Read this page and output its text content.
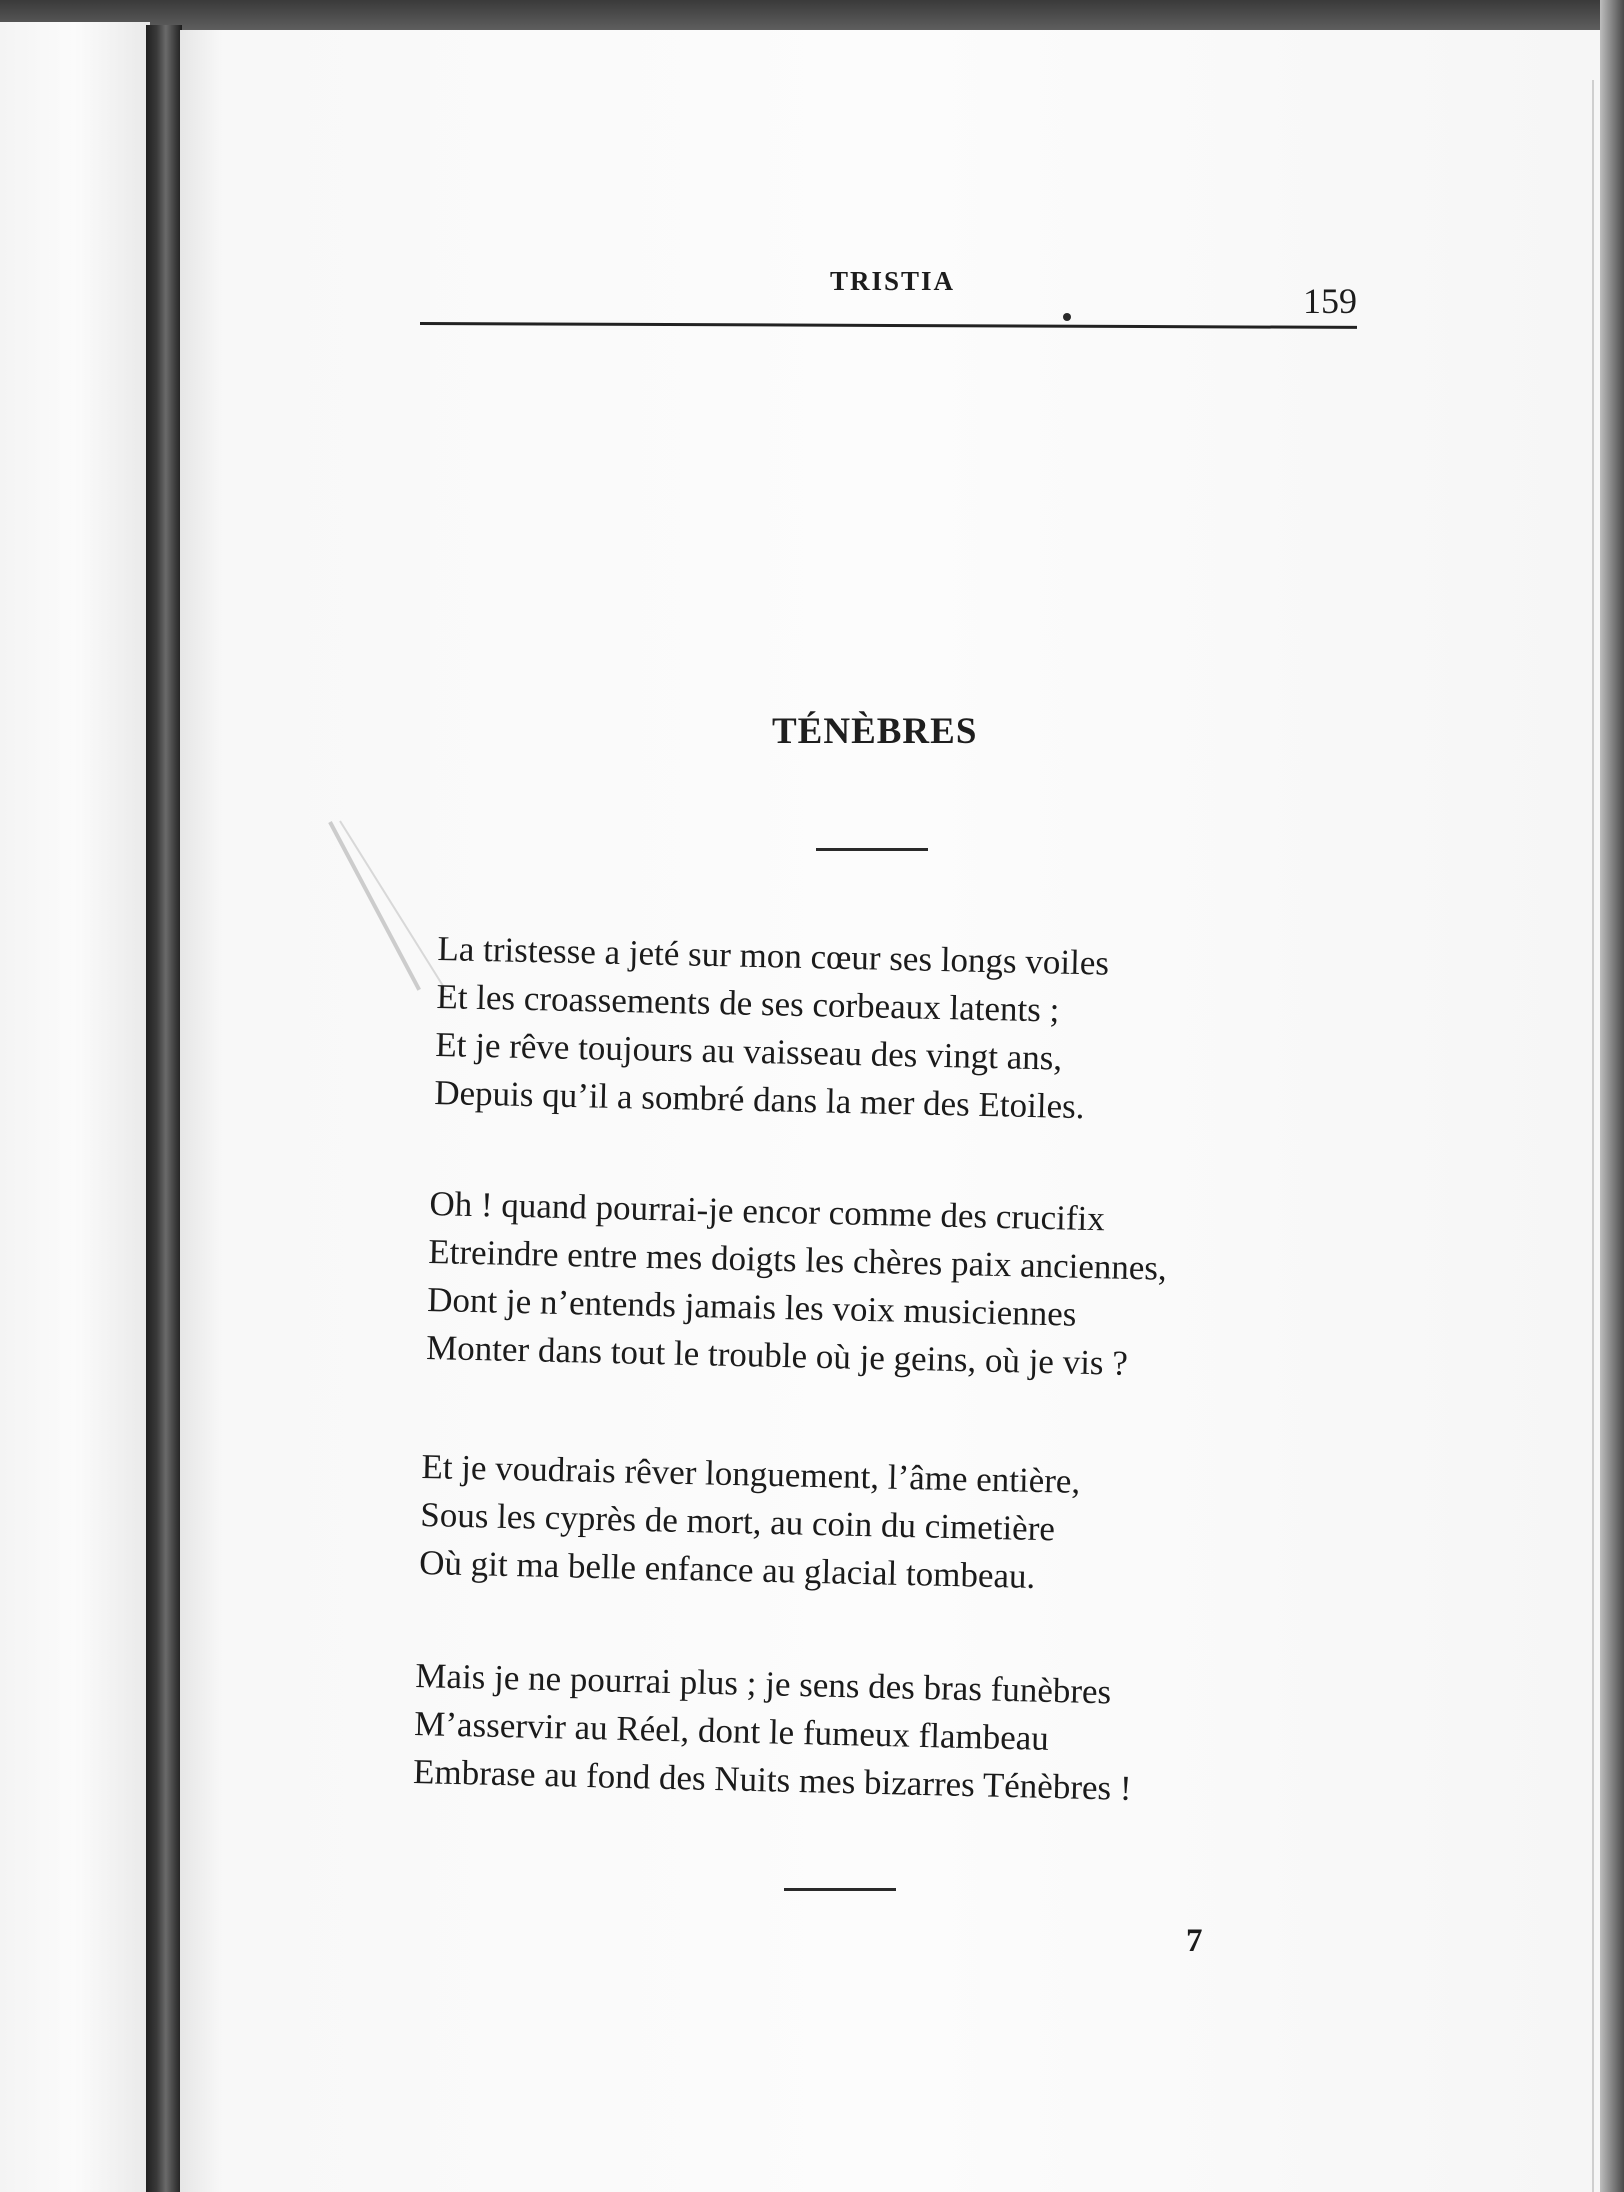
TRISTIA	159

TÉNÈBRES
La tristesse a jeté sur mon cœur ses longs voiles
Et les croassements de ses corbeaux latents ;
Et je rêve toujours au vaisseau des vingt ans,
Depuis qu’il a sombré dans la mer des Etoiles.
Oh ! quand pourrai-je encor comme des crucifix
Etreindre entre mes doigts les chères paix anciennes,
Dont je n’entends jamais les voix musiciennes
Monter dans tout le trouble où je geins, où je vis ?
Et je voudrais rêver longuement, l’âme entière,
Sous les cyprès de mort, au coin du cimetière
Où git ma belle enfance au glacial tombeau.
Mais je ne pourrai plus ; je sens des bras funèbres
M’asservir au Réel, dont le fumeux flambeau
Embrase au fond des Nuits mes bizarres Ténèbres !

7
